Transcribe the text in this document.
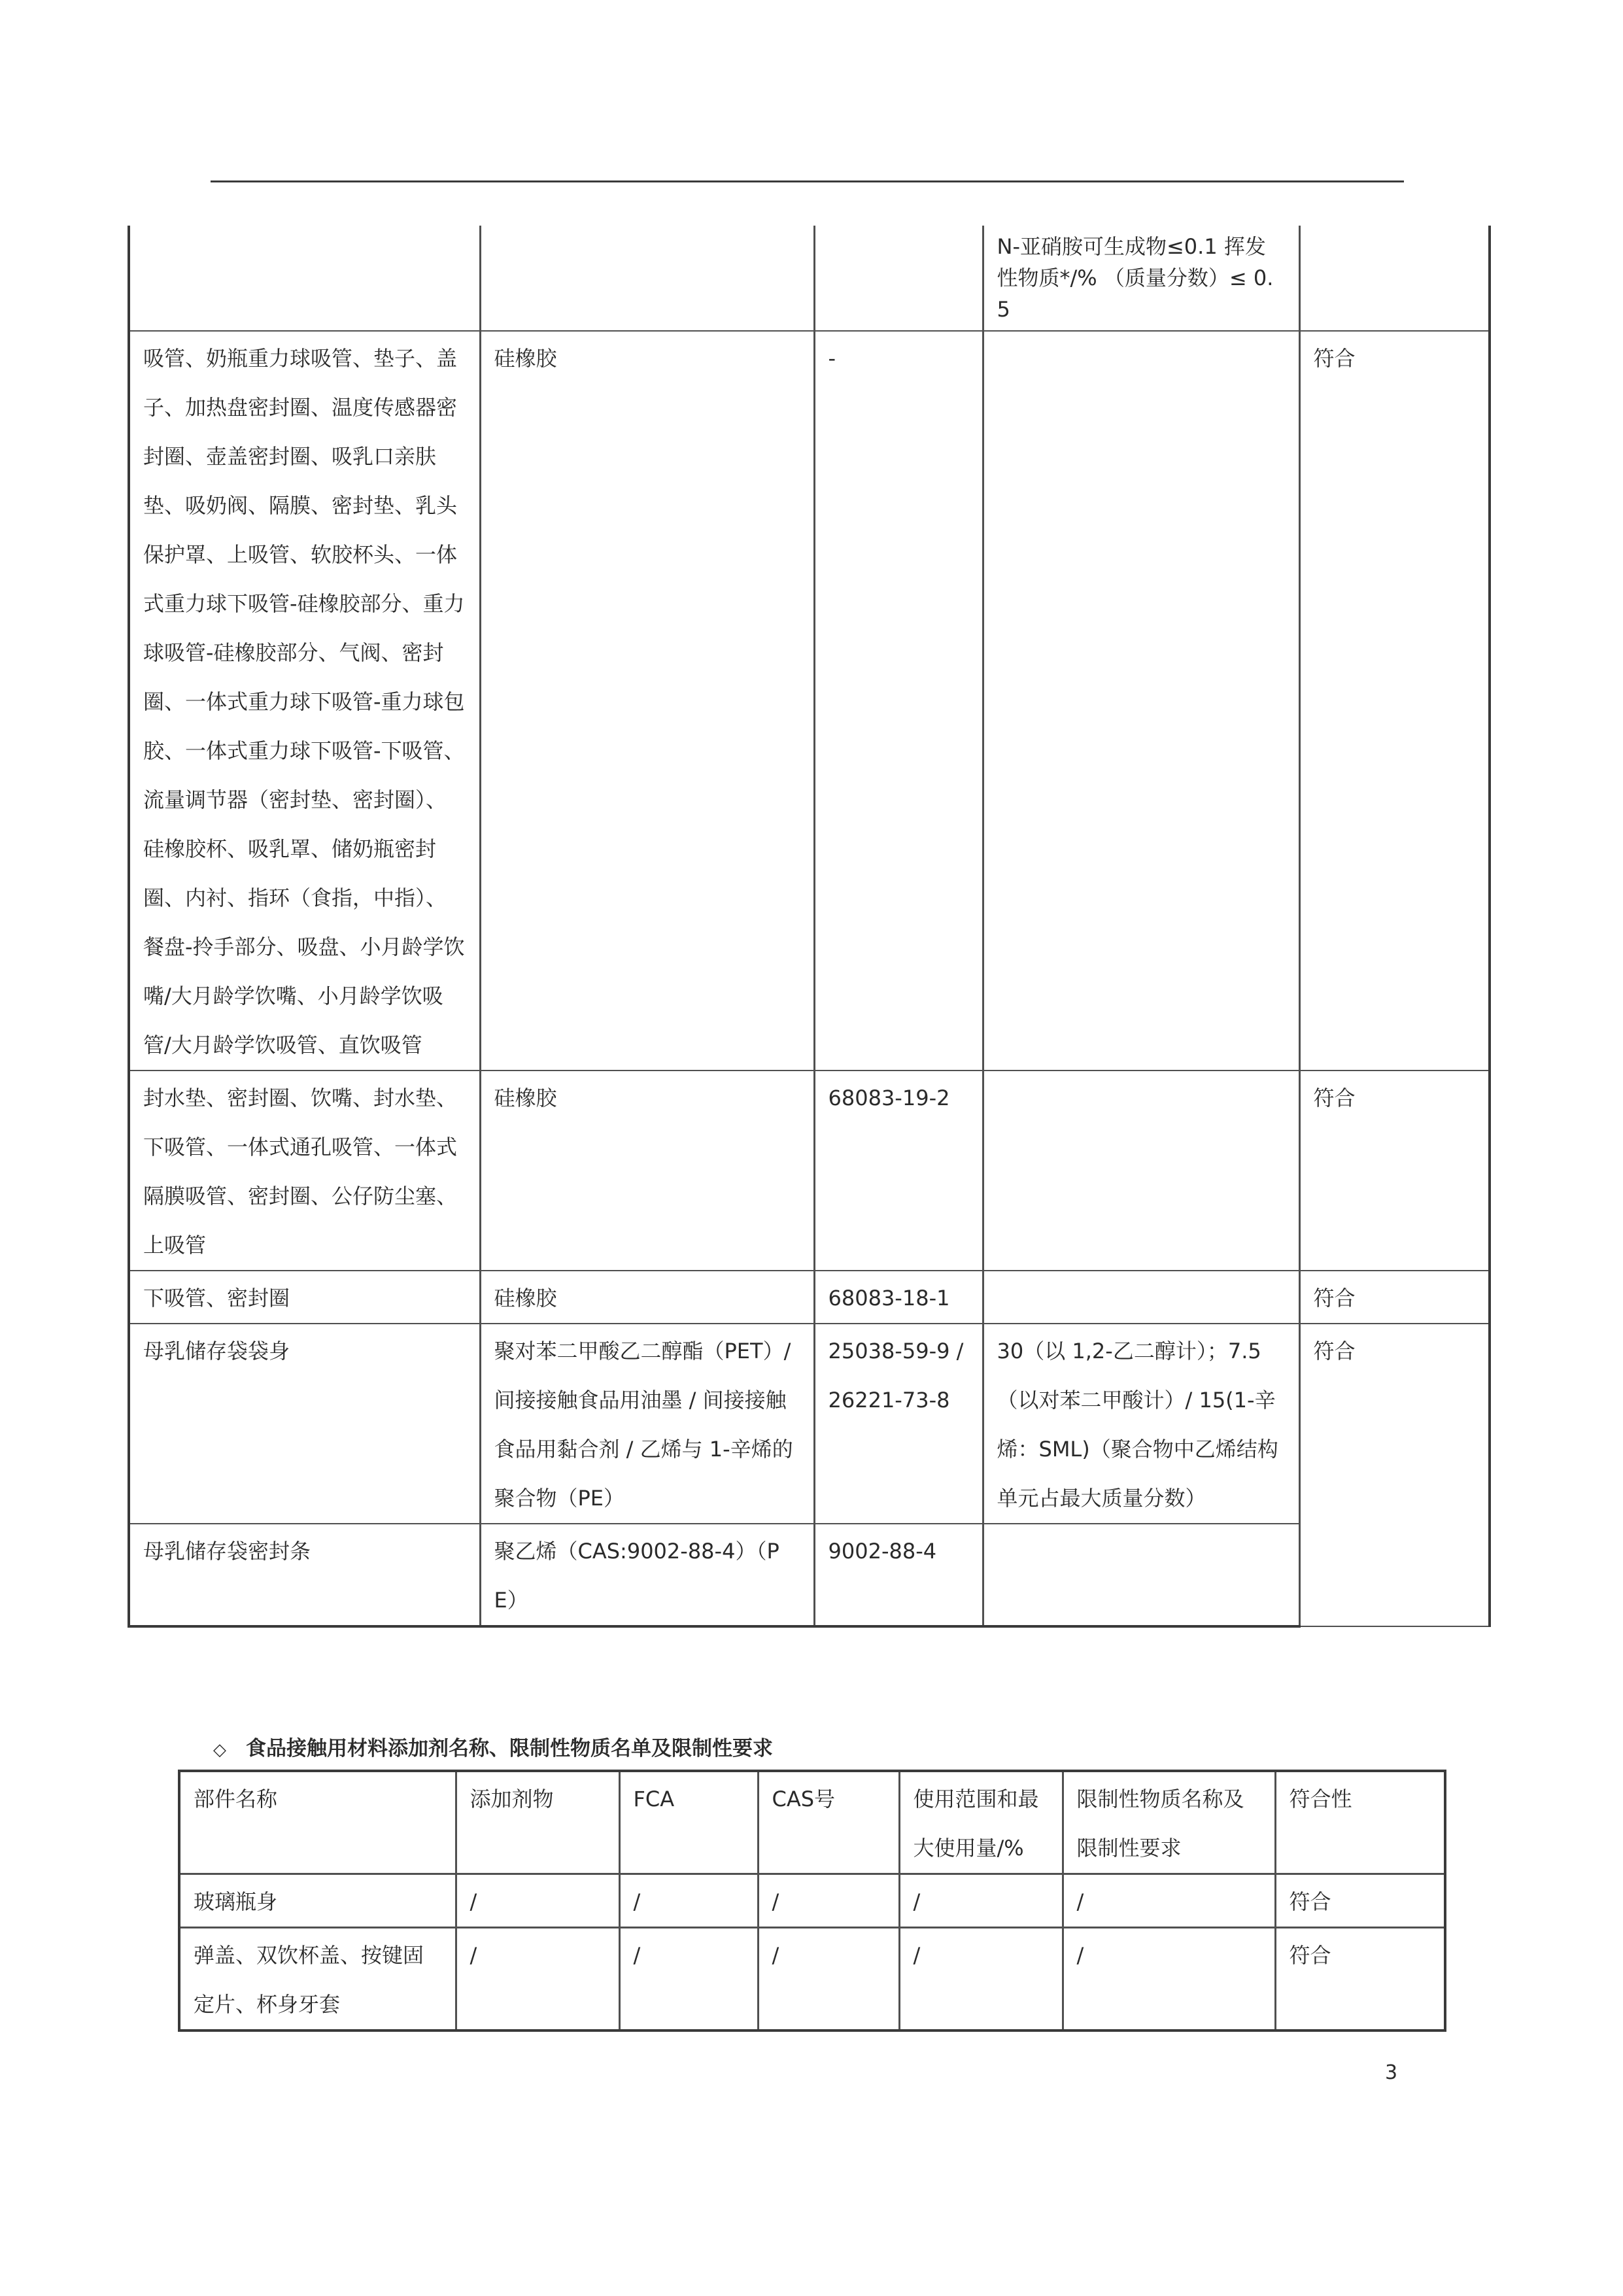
			N-亚硝胺可生成物≤0.1 挥发性物质*/% （质量分数）≤ 0.5	
吸管、奶瓶重力球吸管、垫子、盖子、加热盘密封圈、温度传感器密封圈、壶盖密封圈、吸乳口亲肤垫、吸奶阀、隔膜、密封垫、乳头保护罩、上吸管、软胶杯头、一体式重力球下吸管-硅橡胶部分、重力球吸管-硅橡胶部分、气阀、密封圈、一体式重力球下吸管-重力球包胶、一体式重力球下吸管-下吸管、流量调节器（密封垫、密封圈）、硅橡胶杯、吸乳罩、储奶瓶密封圈、内衬、指环（食指，中指）、餐盘-拎手部分、吸盘、小月龄学饮嘴/大月龄学饮嘴、小月龄学饮吸管/大月龄学饮吸管、直饮吸管	硅橡胶	-		符合
封水垫、密封圈、饮嘴、封水垫、下吸管、一体式通孔吸管、一体式隔膜吸管、密封圈、公仔防尘塞、上吸管	硅橡胶	68083-19-2		符合
下吸管、密封圈	硅橡胶	68083-18-1		符合
母乳储存袋袋身	聚对苯二甲酸乙二醇酯（PET）/ 间接接触食品用油墨 / 间接接触食品用黏合剂 / 乙烯与 1-辛烯的聚合物（PE）	25038-59-9 / 26221-73-8	30（以 1,2-乙二醇计）；7.5（以对苯二甲酸计）/ 15(1-辛烯：SML)（聚合物中乙烯结构单元占最大质量分数）	符合
母乳储存袋密封条	聚乙烯（CAS:9002-88-4）（PE）	9002-88-4		
◇ 食品接触用材料添加剂名称、限制性物质名单及限制性要求
部件名称	添加剂物	FCA	CAS号	使用范围和最大使用量/%	限制性物质名称及限制性要求	符合性
玻璃瓶身	/	/	/	/	/	符合
弹盖、双饮杯盖、按键固定片、杯身牙套	/	/	/	/	/	符合
3
